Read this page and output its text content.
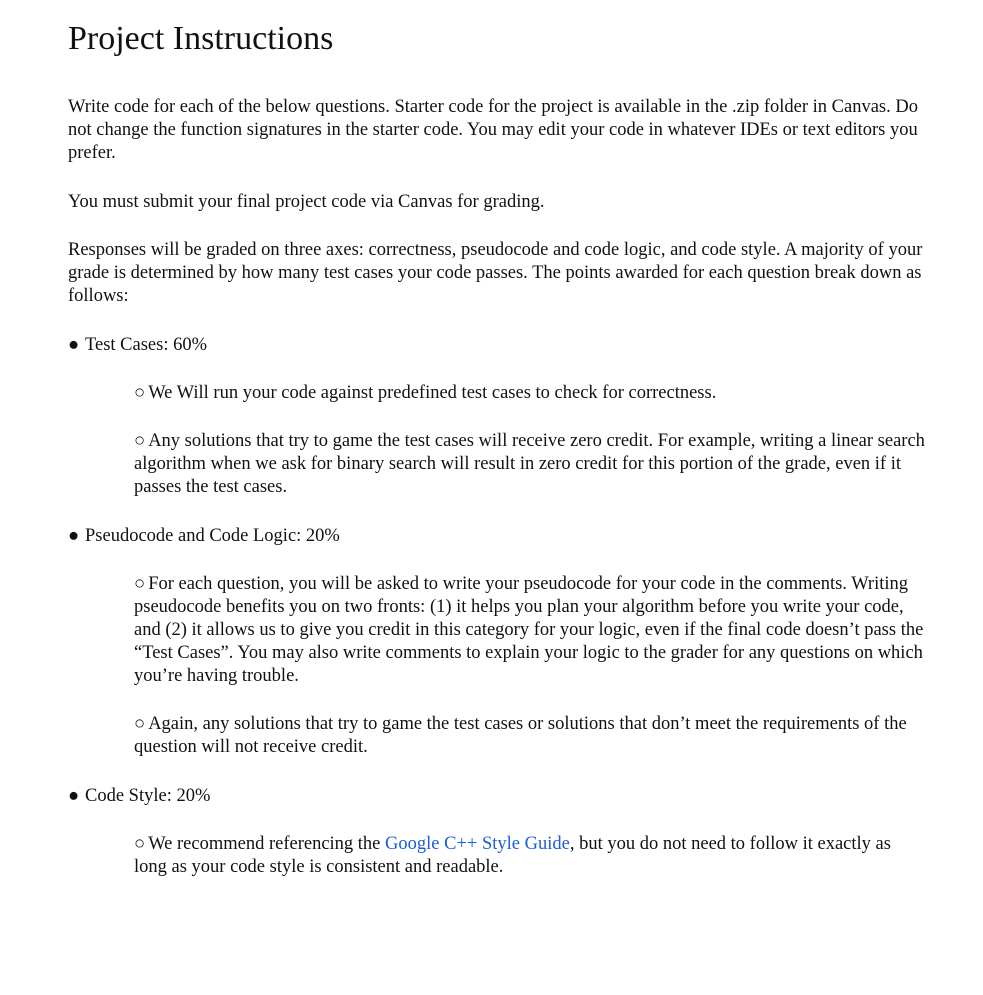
Project Instructions

Write code for each of the below questions. Starter code for the project is available in the .zip folder in Canvas. Do not change the function signatures in the starter code. You may edit your code in whatever IDEs or text editors you prefer.

You must submit your final project code via Canvas for grading.

Responses will be graded on three axes: correctness, pseudocode and code logic, and code style. A majority of your grade is determined by how many test cases your code passes. The points awarded for each question break down as follows:

● Test Cases: 60%
○ We Will run your code against predefined test cases to check for correctness.
○ Any solutions that try to game the test cases will receive zero credit. For example, writing a linear search algorithm when we ask for binary search will result in zero credit for this portion of the grade, even if it passes the test cases.
● Pseudocode and Code Logic: 20%
○ For each question, you will be asked to write your pseudocode for your code in the comments. Writing pseudocode benefits you on two fronts: (1) it helps you plan your algorithm before you write your code, and (2) it allows us to give you credit in this category for your logic, even if the final code doesn’t pass the “Test Cases”. You may also write comments to explain your logic to the grader for any questions on which you’re having trouble.
○ Again, any solutions that try to game the test cases or solutions that don’t meet the requirements of the question will not receive credit.
● Code Style: 20%
○ We recommend referencing the Google C++ Style Guide, but you do not need to follow it exactly as long as your code style is consistent and readable.
